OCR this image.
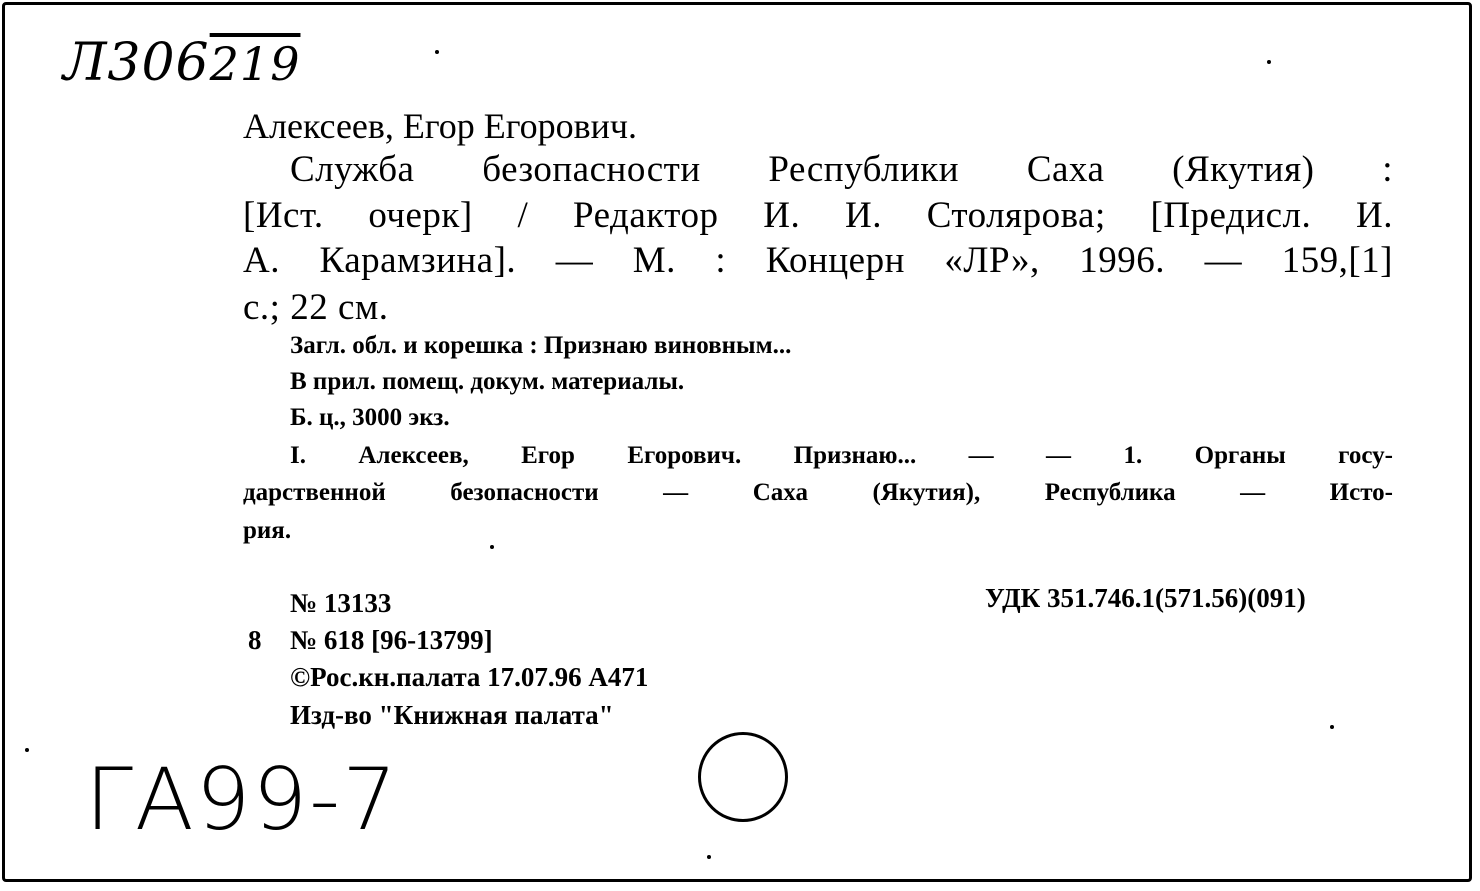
Л306219
Алексеев, Егор Егорович.
Служба безопасности Республики Саха (Якутия) :
[Ист. очерк] / Редактор И. И. Столярова; [Предисл. И.
А. Карамзина]. — М. : Концерн «ЛР», 1996. — 159,[1]
с.; 22 см.
Загл. обл. и корешка : Признаю виновным...
В прил. помещ. докум. материалы.
Б. ц., 3000 экз.
I. Алексеев, Егор Егорович. Признаю... — — 1. Органы госу-
дарственной безопасности — Саха (Якутия), Республика — Исто-
рия.
№ 13133	УДК 351.746.1(571.56)(091)
8 № 618 [96-13799]
©Рос.кн.палата 17.07.96 А471
Изд-во "Книжная палата"
ГА99-7
